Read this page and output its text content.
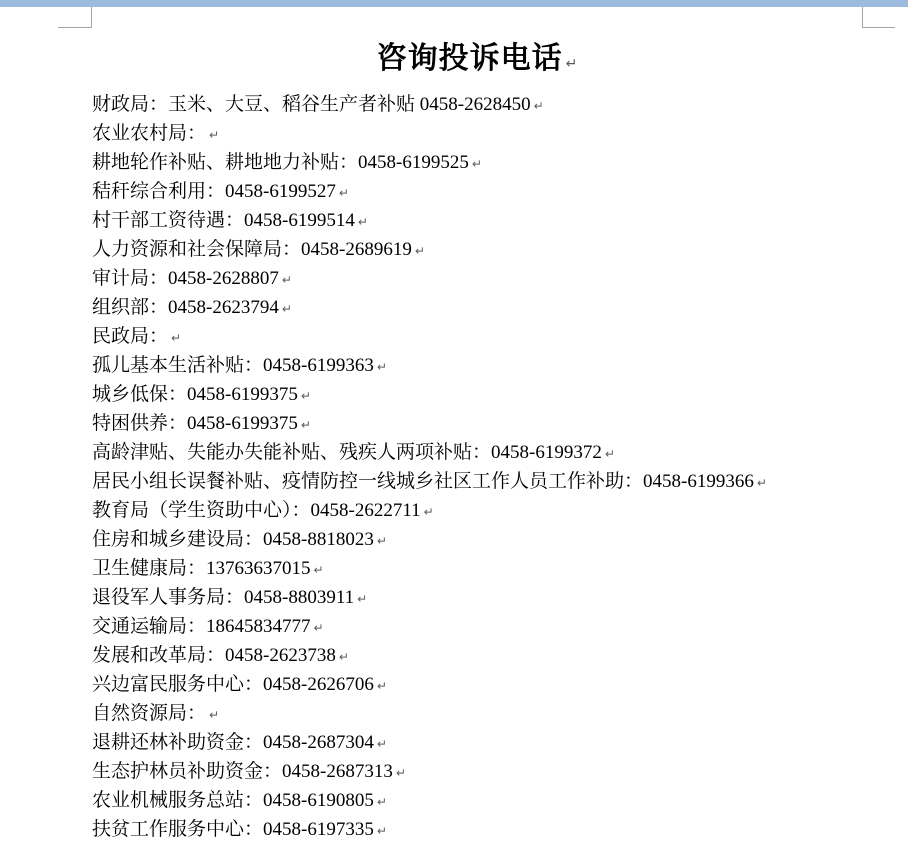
咨询投诉电话 ↵
财政局：玉米、大豆、稻谷生产者补贴 0458-2628450 ↵
农业农村局： ↵
耕地轮作补贴、耕地地力补贴：0458-6199525 ↵
秸秆综合利用：0458-6199527 ↵
村干部工资待遇：0458-6199514 ↵
人力资源和社会保障局：0458-2689619 ↵
审计局：0458-2628807 ↵
组织部：0458-2623794 ↵
民政局： ↵
孤儿基本生活补贴：0458-6199363 ↵
城乡低保：0458-6199375 ↵
特困供养：0458-6199375 ↵
高龄津贴、失能办失能补贴、残疾人两项补贴：0458-6199372 ↵
居民小组长误餐补贴、疫情防控一线城乡社区工作人员工作补助：0458-6199366 ↵
教育局（学生资助中心）：0458-2622711 ↵
住房和城乡建设局：0458-8818023 ↵
卫生健康局：13763637015 ↵
退役军人事务局：0458-8803911 ↵
交通运输局：18645834777 ↵
发展和改革局：0458-2623738 ↵
兴边富民服务中心：0458-2626706 ↵
自然资源局： ↵
退耕还林补助资金：0458-2687304 ↵
生态护林员补助资金：0458-2687313 ↵
农业机械服务总站：0458-6190805 ↵
扶贫工作服务中心：0458-6197335 ↵
